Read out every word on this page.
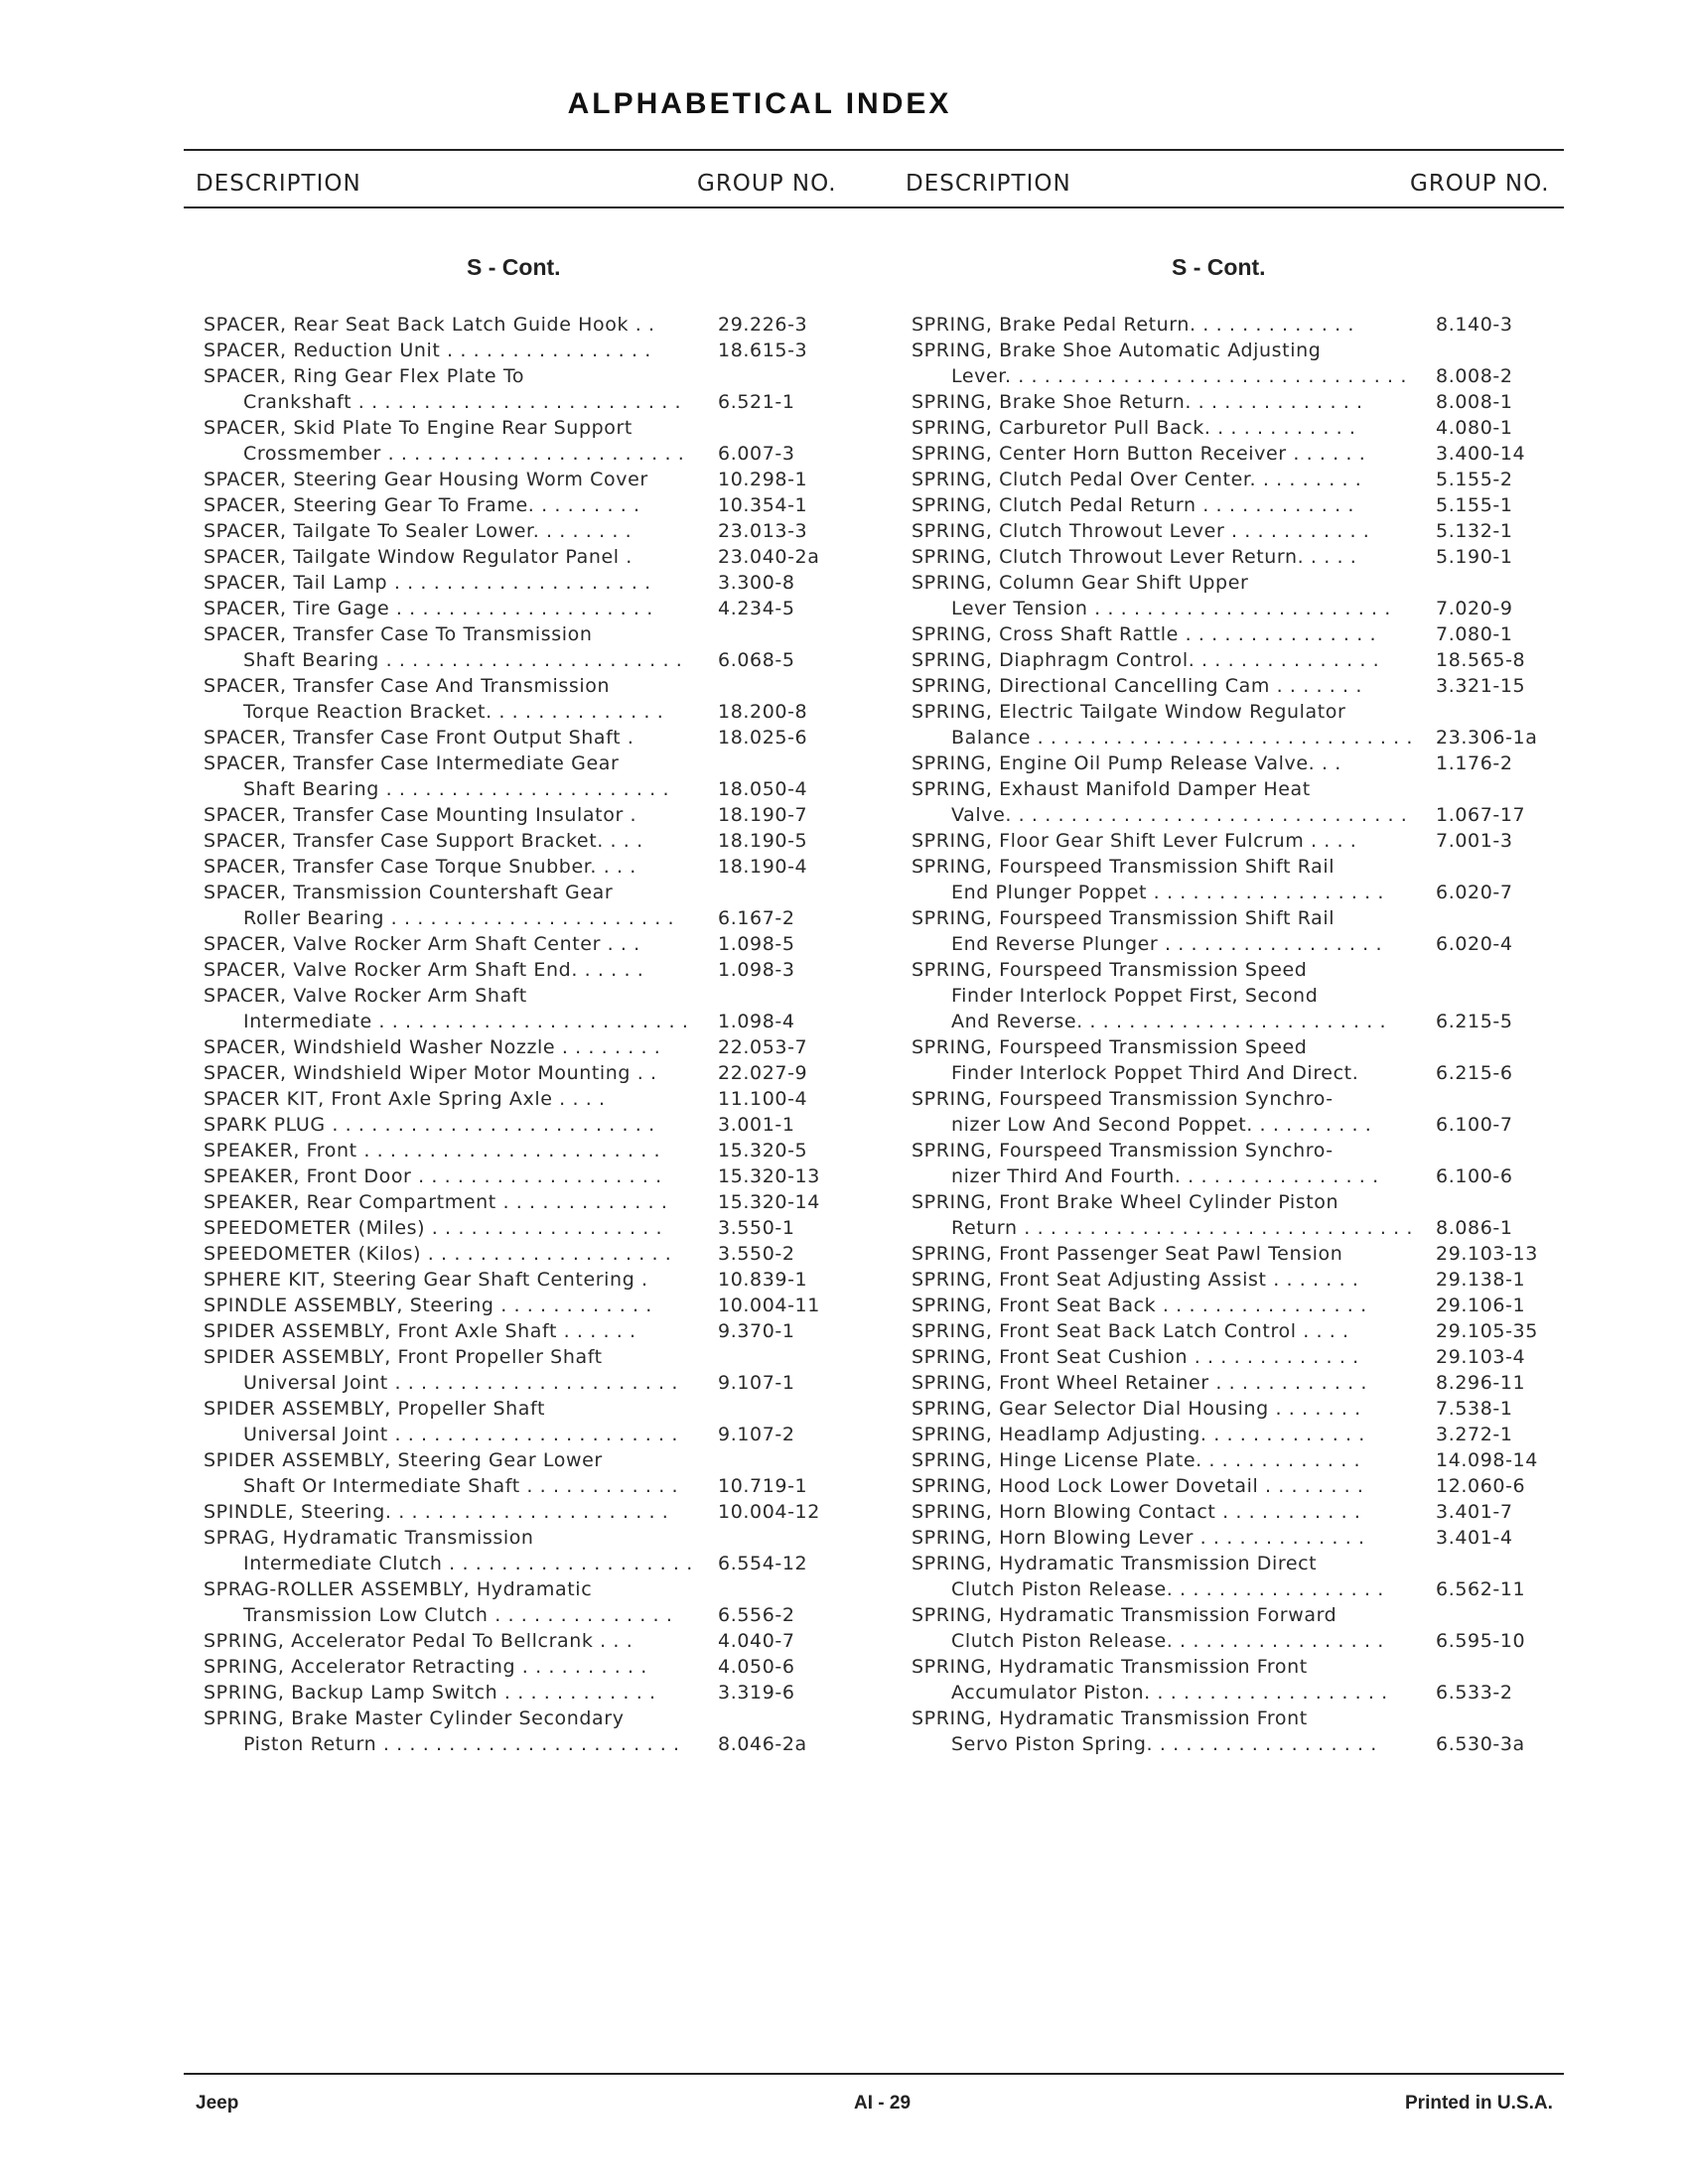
ALPHABETICAL INDEX
DESCRIPTION	GROUP NO.	DESCRIPTION	GROUP NO.
S - Cont.	S - Cont.
SPACER, Rear Seat Back Latch Guide Hook . .	29.226-3
SPACER, Reduction Unit . . . . . . . . . . . . . . . .	18.615-3
SPACER, Ring Gear Flex Plate To
Crankshaft . . . . . . . . . . . . . . . . . . . . . . . . .	6.521-1
SPACER, Skid Plate To Engine Rear Support
Crossmember . . . . . . . . . . . . . . . . . . . . . . .	6.007-3
SPACER, Steering Gear Housing Worm Cover	10.298-1
SPACER, Steering Gear To Frame. . . . . . . . .	10.354-1
SPACER, Tailgate To Sealer Lower. . . . . . . .	23.013-3
SPACER, Tailgate Window Regulator Panel .	23.040-2a
SPACER, Tail Lamp . . . . . . . . . . . . . . . . . . . .	3.300-8
SPACER, Tire Gage . . . . . . . . . . . . . . . . . . . .	4.234-5
SPACER, Transfer Case To Transmission
Shaft Bearing . . . . . . . . . . . . . . . . . . . . . . .	6.068-5
SPACER, Transfer Case And Transmission
Torque Reaction Bracket. . . . . . . . . . . . . .	18.200-8
SPACER, Transfer Case Front Output Shaft .	18.025-6
SPACER, Transfer Case Intermediate Gear
Shaft Bearing . . . . . . . . . . . . . . . . . . . . . .	18.050-4
SPACER, Transfer Case Mounting Insulator .	18.190-7
SPACER, Transfer Case Support Bracket. . . .	18.190-5
SPACER, Transfer Case Torque Snubber. . . .	18.190-4
SPACER, Transmission Countershaft Gear
Roller Bearing . . . . . . . . . . . . . . . . . . . . . .	6.167-2
SPACER, Valve Rocker Arm Shaft Center . . .	1.098-5
SPACER, Valve Rocker Arm Shaft End. . . . . .	1.098-3
SPACER, Valve Rocker Arm Shaft
Intermediate . . . . . . . . . . . . . . . . . . . . . . . .	1.098-4
SPACER, Windshield Washer Nozzle . . . . . . . .	22.053-7
SPACER, Windshield Wiper Motor Mounting . .	22.027-9
SPACER KIT, Front Axle Spring Axle . . . .	11.100-4
SPARK PLUG . . . . . . . . . . . . . . . . . . . . . . . . .	3.001-1
SPEAKER, Front . . . . . . . . . . . . . . . . . . . . . . .	15.320-5
SPEAKER, Front Door . . . . . . . . . . . . . . . . . . .	15.320-13
SPEAKER, Rear Compartment . . . . . . . . . . . . .	15.320-14
SPEEDOMETER (Miles) . . . . . . . . . . . . . . . . . .	3.550-1
SPEEDOMETER (Kilos) . . . . . . . . . . . . . . . . . . .	3.550-2
SPHERE KIT, Steering Gear Shaft Centering .	10.839-1
SPINDLE ASSEMBLY, Steering . . . . . . . . . . . .	10.004-11
SPIDER ASSEMBLY, Front Axle Shaft . . . . . .	9.370-1
SPIDER ASSEMBLY, Front Propeller Shaft
Universal Joint . . . . . . . . . . . . . . . . . . . . . .	9.107-1
SPIDER ASSEMBLY, Propeller Shaft
Universal Joint . . . . . . . . . . . . . . . . . . . . . .	9.107-2
SPIDER ASSEMBLY, Steering Gear Lower
Shaft Or Intermediate Shaft . . . . . . . . . . . .	10.719-1
SPINDLE, Steering. . . . . . . . . . . . . . . . . . . . . .	10.004-12
SPRAG, Hydramatic Transmission
Intermediate Clutch . . . . . . . . . . . . . . . . . . .	6.554-12
SPRAG-ROLLER ASSEMBLY, Hydramatic
Transmission Low Clutch . . . . . . . . . . . . . .	6.556-2
SPRING, Accelerator Pedal To Bellcrank . . .	4.040-7
SPRING, Accelerator Retracting . . . . . . . . . .	4.050-6
SPRING, Backup Lamp Switch . . . . . . . . . . . .	3.319-6
SPRING, Brake Master Cylinder Secondary
Piston Return . . . . . . . . . . . . . . . . . . . . . . .	8.046-2a
SPRING, Brake Pedal Return. . . . . . . . . . . . .	8.140-3
SPRING, Brake Shoe Automatic Adjusting
Lever. . . . . . . . . . . . . . . . . . . . . . . . . . . . . . .	8.008-2
SPRING, Brake Shoe Return. . . . . . . . . . . . . .	8.008-1
SPRING, Carburetor Pull Back. . . . . . . . . . . .	4.080-1
SPRING, Center Horn Button Receiver . . . . . .	3.400-14
SPRING, Clutch Pedal Over Center. . . . . . . . .	5.155-2
SPRING, Clutch Pedal Return . . . . . . . . . . . .	5.155-1
SPRING, Clutch Throwout Lever . . . . . . . . . . .	5.132-1
SPRING, Clutch Throwout Lever Return. . . . .	5.190-1
SPRING, Column Gear Shift Upper
Lever Tension . . . . . . . . . . . . . . . . . . . . . . .	7.020-9
SPRING, Cross Shaft Rattle . . . . . . . . . . . . . . .	7.080-1
SPRING, Diaphragm Control. . . . . . . . . . . . . . .	18.565-8
SPRING, Directional Cancelling Cam . . . . . . .	3.321-15
SPRING, Electric Tailgate Window Regulator
Balance . . . . . . . . . . . . . . . . . . . . . . . . . . . . .	23.306-1a
SPRING, Engine Oil Pump Release Valve. . .	1.176-2
SPRING, Exhaust Manifold Damper Heat
Valve. . . . . . . . . . . . . . . . . . . . . . . . . . . . . . .	1.067-17
SPRING, Floor Gear Shift Lever Fulcrum . . . .	7.001-3
SPRING, Fourspeed Transmission Shift Rail
End Plunger Poppet . . . . . . . . . . . . . . . . . .	6.020-7
SPRING, Fourspeed Transmission Shift Rail
End Reverse Plunger . . . . . . . . . . . . . . . . .	6.020-4
SPRING, Fourspeed Transmission Speed
Finder Interlock Poppet First, Second
And Reverse. . . . . . . . . . . . . . . . . . . . . . . .	6.215-5
SPRING, Fourspeed Transmission Speed
Finder Interlock Poppet Third And Direct.	6.215-6
SPRING, Fourspeed Transmission Synchro-
nizer Low And Second Poppet. . . . . . . . . .	6.100-7
SPRING, Fourspeed Transmission Synchro-
nizer Third And Fourth. . . . . . . . . . . . . . . .	6.100-6
SPRING, Front Brake Wheel Cylinder Piston
Return . . . . . . . . . . . . . . . . . . . . . . . . . . . . . .	8.086-1
SPRING, Front Passenger Seat Pawl Tension	29.103-13
SPRING, Front Seat Adjusting Assist . . . . . . .	29.138-1
SPRING, Front Seat Back . . . . . . . . . . . . . . . .	29.106-1
SPRING, Front Seat Back Latch Control . . . .	29.105-35
SPRING, Front Seat Cushion . . . . . . . . . . . . .	29.103-4
SPRING, Front Wheel Retainer . . . . . . . . . . . .	8.296-11
SPRING, Gear Selector Dial Housing . . . . . . .	7.538-1
SPRING, Headlamp Adjusting. . . . . . . . . . . . .	3.272-1
SPRING, Hinge License Plate. . . . . . . . . . . . .	14.098-14
SPRING, Hood Lock Lower Dovetail . . . . . . . .	12.060-6
SPRING, Horn Blowing Contact . . . . . . . . . . .	3.401-7
SPRING, Horn Blowing Lever . . . . . . . . . . . . .	3.401-4
SPRING, Hydramatic Transmission Direct
Clutch Piston Release. . . . . . . . . . . . . . . . .	6.562-11
SPRING, Hydramatic Transmission Forward
Clutch Piston Release. . . . . . . . . . . . . . . . .	6.595-10
SPRING, Hydramatic Transmission Front
Accumulator Piston. . . . . . . . . . . . . . . . . . .	6.533-2
SPRING, Hydramatic Transmission Front
Servo Piston Spring. . . . . . . . . . . . . . . . . .	6.530-3a
Jeep	AI - 29	Printed in U.S.A.
